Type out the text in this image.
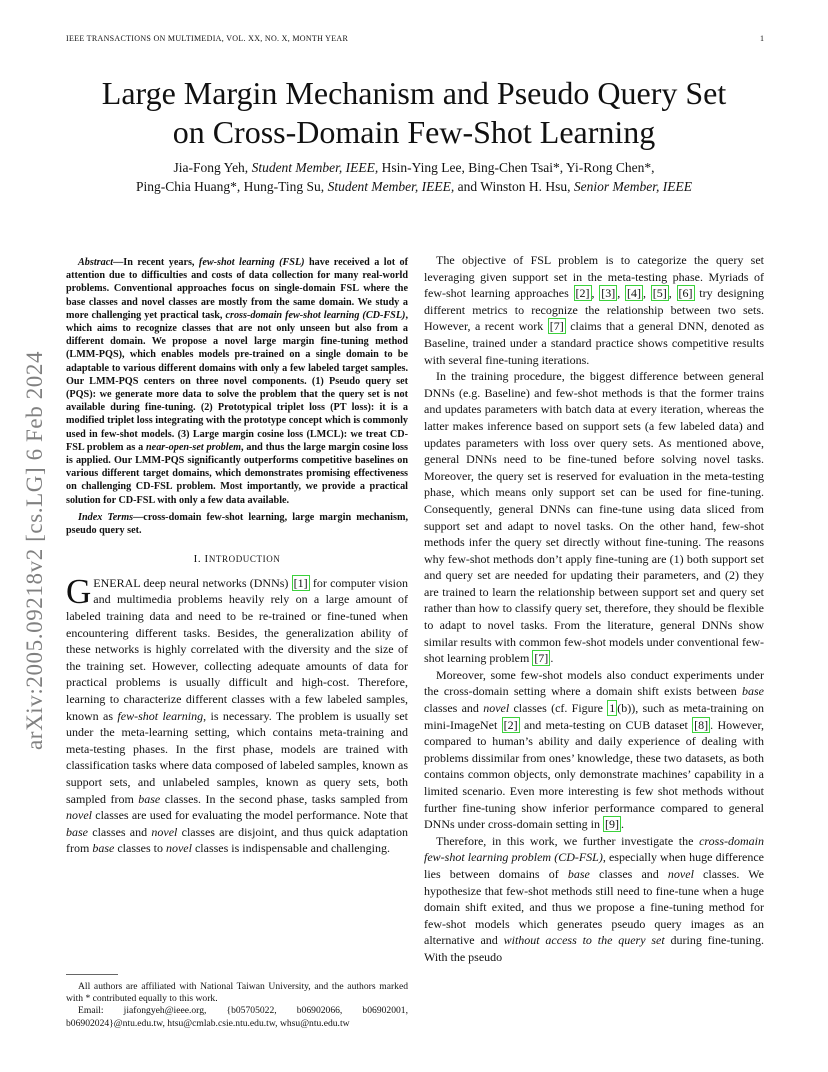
IEEE TRANSACTIONS ON MULTIMEDIA, VOL. XX, NO. X, MONTH YEAR	1
arXiv:2005.09218v2 [cs.LG] 6 Feb 2024
Large Margin Mechanism and Pseudo Query Set
on Cross-Domain Few-Shot Learning
Jia-Fong Yeh, Student Member, IEEE, Hsin-Ying Lee, Bing-Chen Tsai*, Yi-Rong Chen*,
Ping-Chia Huang*, Hung-Ting Su, Student Member, IEEE, and Winston H. Hsu, Senior Member, IEEE

Abstract—In recent years, few-shot learning (FSL) have received a lot of attention due to difficulties and costs of data collection for many real-world problems. Conventional approaches focus on single-domain FSL where the base classes and novel classes are mostly from the same domain. We study a more challenging yet practical task, cross-domain few-shot learning (CD-FSL), which aims to recognize classes that are not only unseen but also from a different domain. We propose a novel large margin fine-tuning method (LMM-PQS), which enables models pre-trained on a single domain to be adaptable to various different domains with only a few labeled target samples. Our LMM-PQS centers on three novel components. (1) Pseudo query set (PQS): we generate more data to solve the problem that the query set is not available during fine-tuning. (2) Prototypical triplet loss (PT loss): it is a modified triplet loss integrating with the prototype concept which is commonly used in few-shot models. (3) Large margin cosine loss (LMCL): we treat CD-FSL problem as a near-open-set problem, and thus the large margin cosine loss is applied. Our LMM-PQS significantly outperforms competitive baselines on various different target domains, which demonstrates promising effectiveness on challenging CD-FSL problem. Most importantly, we provide a practical solution for CD-FSL with only a few data available.

Index Terms—cross-domain few-shot learning, large margin mechanism, pseudo query set.

I. INTRODUCTION

GENERAL deep neural networks (DNNs) [1] for computer vision and multimedia problems heavily rely on a large amount of labeled training data and need to be re-trained or fine-tuned when encountering different tasks. Besides, the generalization ability of these networks is highly correlated with the diversity and the size of the training set. However, collecting adequate amounts of data for practical problems is usually difficult and high-cost. Therefore, learning to characterize different classes with a few labeled samples, known as few-shot learning, is necessary. The problem is usually set under the meta-learning setting, which contains meta-training and meta-testing phases. In the first phase, models are trained with classification tasks where data composed of labeled samples, known as support sets, and unlabeled samples, known as query sets, both sampled from base classes. In the second phase, tasks sampled from novel classes are used for evaluating the model performance. Note that base classes and novel classes are disjoint, and thus quick adaptation from base classes to novel classes is indispensable and challenging.

All authors are affiliated with National Taiwan University, and the authors marked with * contributed equally to this work.

Email: jiafongyeh@ieee.org, {b05705022, b06902066, b06902001, b06902024}@ntu.edu.tw, htsu@cmlab.csie.ntu.edu.tw, whsu@ntu.edu.tw

The objective of FSL problem is to categorize the query set leveraging given support set in the meta-testing phase. Myriads of few-shot learning approaches [2] , [3] , [4] , [5] , [6] try designing different metrics to recognize the relationship between two sets. However, a recent work [7] claims that a general DNN, denoted as Baseline, trained under a standard practice shows competitive results with several fine-tuning iterations.

In the training procedure, the biggest difference between general DNNs (e.g. Baseline) and few-shot methods is that the former trains and updates parameters with batch data at every iteration, whereas the latter makes inference based on support sets (a few labeled data) and updates parameters with loss over query sets. As mentioned above, general DNNs need to be fine-tuned before solving novel tasks. Moreover, the query set is reserved for evaluation in the meta-testing phase, which means only support set can be used for fine-tuning. Consequently, general DNNs can fine-tune using data sliced from support set and adapt to novel tasks. On the other hand, few-shot methods infer the query set directly without fine-tuning. The reasons why few-shot methods don’t apply fine-tuning are (1) both support set and query set are needed for updating their parameters, and (2) they are trained to learn the relationship between support set and query set rather than how to classify query set, therefore, they should be flexible to adapt to novel tasks. From the literature, general DNNs show similar results with common few-shot models under conventional few-shot learning problem [7] .

Moreover, some few-shot models also conduct experiments under the cross-domain setting where a domain shift exists between base classes and novel classes (cf. Figure 1 (b)), such as meta-training on mini-ImageNet [2] and meta-testing on CUB dataset [8] . However, compared to human’s ability and daily experience of dealing with problems dissimilar from ones’ knowledge, these two datasets, as both contains common objects, only demonstrate machines’ capability in a limited scenario. Even more interesting is few shot methods without further fine-tuning show inferior performance compared to general DNNs under cross-domain setting in [9] .

Therefore, in this work, we further investigate the cross-domain few-shot learning problem (CD-FSL), especially when huge difference lies between domains of base classes and novel classes. We hypothesize that few-shot methods still need to fine-tune when a huge domain shift exited, and thus we propose a fine-tuning method for few-shot models which generates pseudo query images as an alternative and without access to the query set during fine-tuning. With the pseudo
